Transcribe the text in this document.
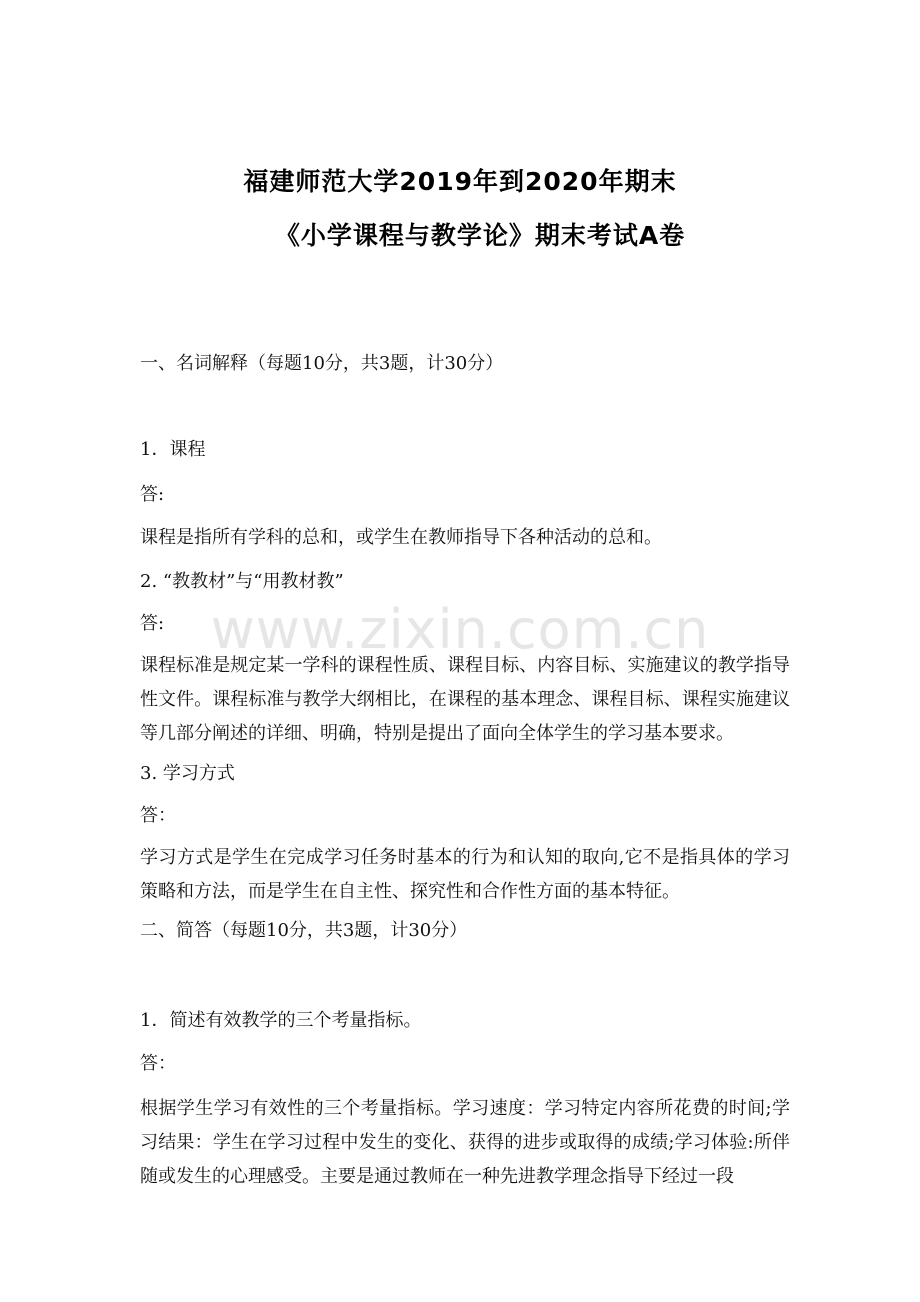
www.zixin.com.cn
福建师范大学2019年到2020年期末
《小学课程与教学论》期末考试A卷
一、名词解释（每题10分，共3题，计30分）
1．课程
答:
课程是指所有学科的总和，或学生在教师指导下各种活动的总和。
2. “教教材”与“用教材教”
答:
课程标准是规定某一学科的课程性质、课程目标、内容目标、实施建议的教学指导性文件。课程标准与教学大纲相比，在课程的基本理念、课程目标、课程实施建议等几部分阐述的详细、明确，特别是提出了面向全体学生的学习基本要求。
3. 学习方式
答：
学习方式是学生在完成学习任务时基本的行为和认知的取向,它不是指具体的学习策略和方法，而是学生在自主性、探究性和合作性方面的基本特征。
二、简答（每题10分，共3题，计30分）
1．简述有效教学的三个考量指标。
答：
根据学生学习有效性的三个考量指标。学习速度：学习特定内容所花费的时间;学习结果：学生在学习过程中发生的变化、获得的进步或取得的成绩;学习体验:所伴随或发生的心理感受。主要是通过教师在一种先进教学理念指导下经过一段
